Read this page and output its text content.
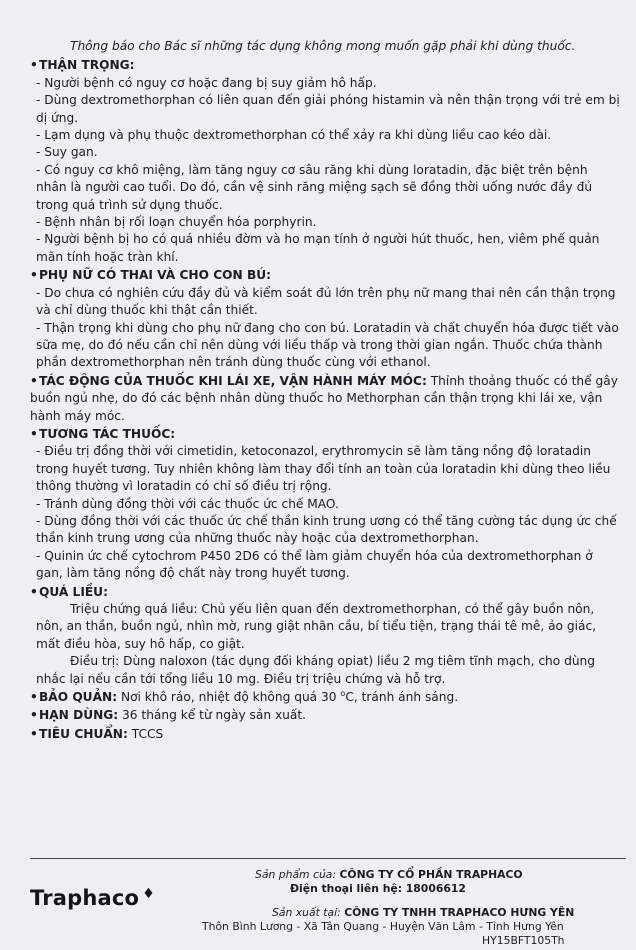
Thông báo cho Bác sĩ những tác dụng không mong muốn gặp phải khi dùng thuốc.
•THẬN TRỌNG:
- Người bệnh có nguy cơ hoặc đang bị suy giảm hô hấp.
- Dùng dextromethorphan có liên quan đến giải phóng histamin và nên thận trọng với trẻ em bị dị ứng.
- Lạm dụng và phụ thuộc dextromethorphan có thể xảy ra khi dùng liều cao kéo dài.
- Suy gan.
- Có nguy cơ khô miệng, làm tăng nguy cơ sâu răng khi dùng loratadin, đặc biệt trên bệnh nhân là người cao tuổi. Do đó, cần vệ sinh răng miệng sạch sẽ đồng thời uống nước đầy đủ trong quá trình sử dụng thuốc.
- Bệnh nhân bị rối loạn chuyển hóa porphyrin.
- Người bệnh bị ho có quá nhiều đờm và ho mạn tính ở người hút thuốc, hen, viêm phế quản mãn tính hoặc tràn khí.
•PHỤ NỮ CÓ THAI VÀ CHO CON BÚ:
- Do chưa có nghiên cứu đầy đủ và kiểm soát đủ lớn trên phụ nữ mang thai nên cần thận trọng và chỉ dùng thuốc khi thật cần thiết.
- Thận trọng khi dùng cho phụ nữ đang cho con bú. Loratadin và chất chuyển hóa được tiết vào sữa mẹ, do đó nếu cần chỉ nên dùng với liều thấp và trong thời gian ngắn. Thuốc chứa thành phần dextromethorphan nên tránh dùng thuốc cùng với ethanol.
•TÁC ĐỘNG CỦA THUỐC KHI LÁI XE, VẬN HÀNH MÁY MÓC: Thỉnh thoảng thuốc có thể gây buồn ngủ nhẹ, do đó các bệnh nhân dùng thuốc ho Methorphan cần thận trọng khi lái xe, vận hành máy móc.
•TƯƠNG TÁC THUỐC:
- Điều trị đồng thời với cimetidin, ketoconazol, erythromycin sẽ làm tăng nồng độ loratadin trong huyết tương. Tuy nhiên không làm thay đổi tính an toàn của loratadin khi dùng theo liều thông thường vì loratadin có chỉ số điều trị rộng.
- Tránh dùng đồng thời với các thuốc ức chế MAO.
- Dùng đồng thời với các thuốc ức chế thần kinh trung ương có thể tăng cường tác dụng ức chế thần kinh trung ương của những thuốc này hoặc của dextromethorphan.
- Quinin ức chế cytochrom P450 2D6 có thể làm giảm chuyển hóa của dextromethorphan ở gan, làm tăng nồng độ chất này trong huyết tương.
•QUÁ LIỀU:
Triệu chứng quá liều: Chủ yếu liên quan đến dextromethorphan, có thể gây buồn nôn, nôn, an thần, buồn ngủ, nhìn mờ, rung giật nhãn cầu, bí tiểu tiện, trạng thái tê mê, ảo giác, mất điều hòa, suy hô hấp, co giật.
Điều trị: Dùng naloxon (tác dụng đối kháng opiat) liều 2 mg tiêm tĩnh mạch, cho dùng nhắc lại nếu cần tới tổng liều 10 mg. Điều trị triệu chứng và hỗ trợ.
•BẢO QUẢN: Nơi khô ráo, nhiệt độ không quá 30 $^o$C, tránh ánh sáng.
•HẠN DÙNG: 36 tháng kể từ ngày sản xuất.
•TIÊU CHUẨN: TCCS
Traphaco ♦
Sản phẩm của: CÔNG TY CỔ PHẦN TRAPHACO
Điện thoại liên hệ: 18006612
Sản xuất tại: CÔNG TY TNHH TRAPHACO HƯNG YÊN
Thôn Bình Lương - Xã Tân Quang - Huyện Văn Lâm - Tỉnh Hưng Yên
HY15BFT105Th
